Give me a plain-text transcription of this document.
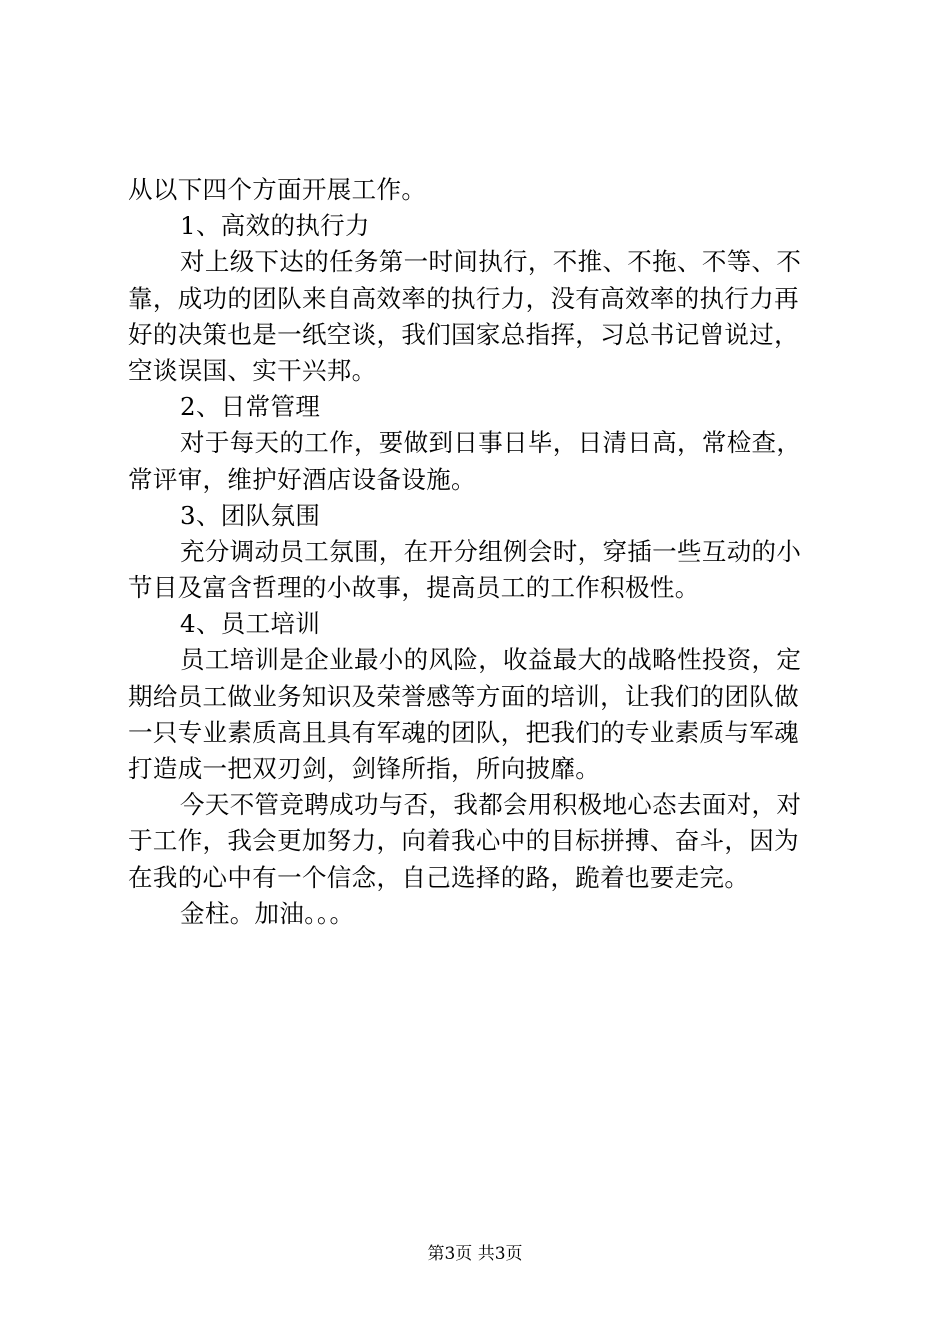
从以下四个方面开展工作。
1、高效的执行力
对上级下达的任务第一时间执行，不推、不拖、不等、不
靠，成功的团队来自高效率的执行力，没有高效率的执行力再
好的决策也是一纸空谈，我们国家总指挥，习总书记曾说过，
空谈误国、实干兴邦。
2、日常管理
对于每天的工作，要做到日事日毕，日清日高，常检查，
常评审，维护好酒店设备设施。
3、团队氛围
充分调动员工氛围，在开分组例会时，穿插一些互动的小
节目及富含哲理的小故事，提高员工的工作积极性。
4、员工培训
员工培训是企业最小的风险，收益最大的战略性投资，定
期给员工做业务知识及荣誉感等方面的培训，让我们的团队做
一只专业素质高且具有军魂的团队，把我们的专业素质与军魂
打造成一把双刃剑，剑锋所指，所向披靡。
今天不管竞聘成功与否，我都会用积极地心态去面对，对
于工作，我会更加努力，向着我心中的目标拼搏、奋斗，因为
在我的心中有一个信念，自己选择的路，跪着也要走完。
金柱。加油。。。
第3页 共3页
